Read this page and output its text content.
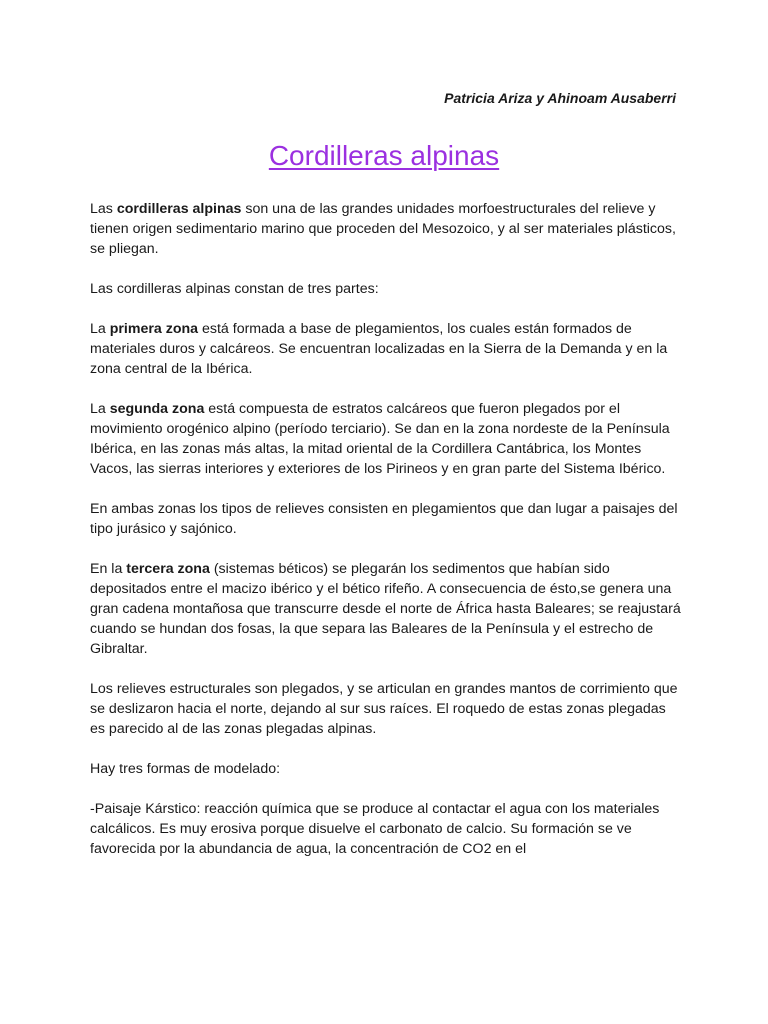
Patricia Ariza y Ahinoam Ausaberri
Cordilleras alpinas

Las cordilleras alpinas son una de las grandes unidades morfoestructurales del relieve y tienen origen sedimentario marino que proceden del Mesozoico, y al ser materiales plásticos, se pliegan.

Las cordilleras alpinas constan de tres partes:

La primera zona está formada a base de plegamientos, los cuales están formados de materiales duros y calcáreos. Se encuentran localizadas en la Sierra de la Demanda y en la zona central de la Ibérica.

La segunda zona está compuesta de estratos calcáreos que fueron plegados por el movimiento orogénico alpino (período terciario). Se dan en la zona nordeste de la Península Ibérica, en las zonas más altas, la mitad oriental de la Cordillera Cantábrica, los Montes Vacos, las sierras interiores y exteriores de los Pirineos y en gran parte del Sistema Ibérico.

En ambas zonas los tipos de relieves consisten en plegamientos que dan lugar a paisajes del tipo jurásico y sajónico.

En la tercera zona (sistemas béticos) se plegarán los sedimentos que habían sido depositados entre el macizo ibérico y el bético rifeño. A consecuencia de ésto,se genera una gran cadena montañosa que transcurre desde el norte de África hasta Baleares; se reajustará cuando se hundan dos fosas, la que separa las Baleares de la Península y el estrecho de Gibraltar.

Los relieves estructurales son plegados, y se articulan en grandes mantos de corrimiento que se deslizaron hacia el norte, dejando al sur sus raíces. El roquedo de estas zonas plegadas es parecido al de las zonas plegadas alpinas.

Hay tres formas de modelado:

-Paisaje Kárstico: reacción química que se produce al contactar el agua con los materiales calcálicos. Es muy erosiva porque disuelve el carbonato de calcio. Su formación se ve favorecida por la abundancia de agua, la concentración de CO2 en el
